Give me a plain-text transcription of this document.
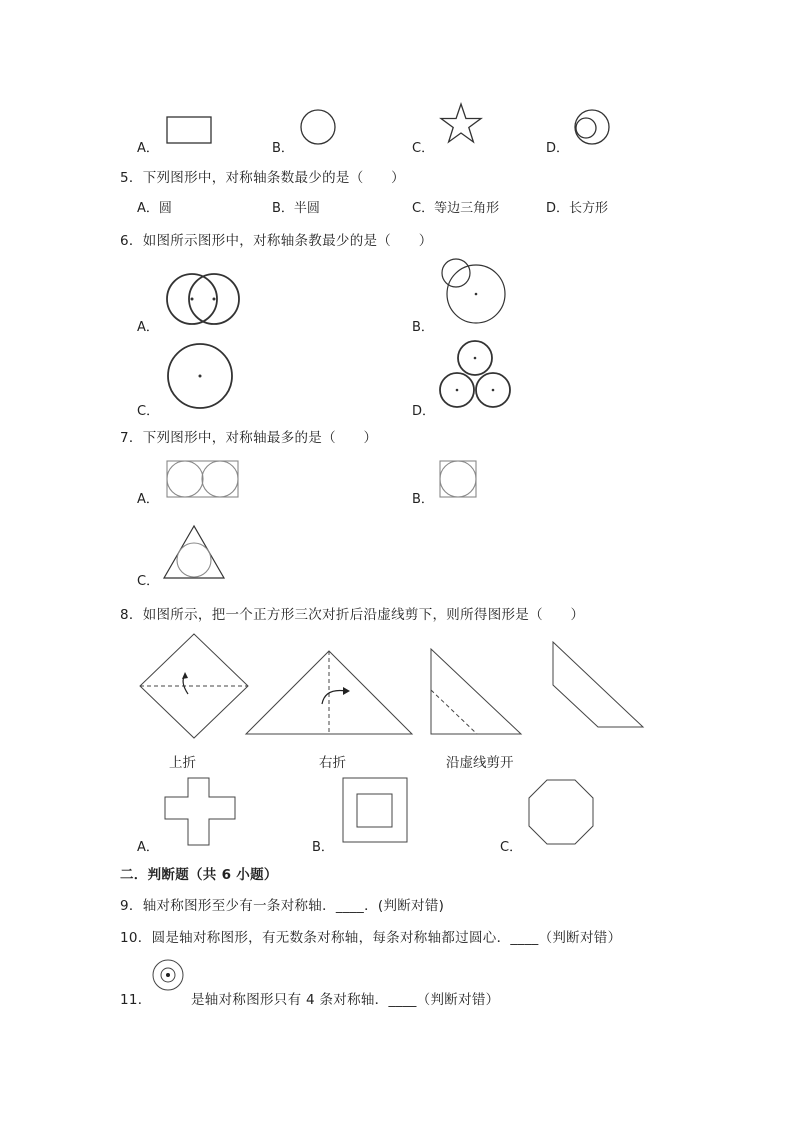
A．	B．	C．	D．
5．下列图形中，对称轴条数最少的是（　　）
A．圆	B．半圆	C．等边三角形	D．长方形
6．如图所示图形中，对称轴条教最少的是（　　）
A．	B．
C．	D．
7．下列图形中，对称轴最多的是（　　）
A．	B．
C．
8．如图所示，把一个正方形三次对折后沿虚线剪下，则所得图形是（　　）
上折	右折	沿虚线剪开
A．	B．	C．
二．判断题（共 6 小题）
9．轴对称图形至少有一条对称轴．____．(判断对错)
10．圆是轴对称图形，有无数条对称轴，每条对称轴都过圆心．____（判断对错）
11．	是轴对称图形只有 4 条对称轴．____（判断对错）
